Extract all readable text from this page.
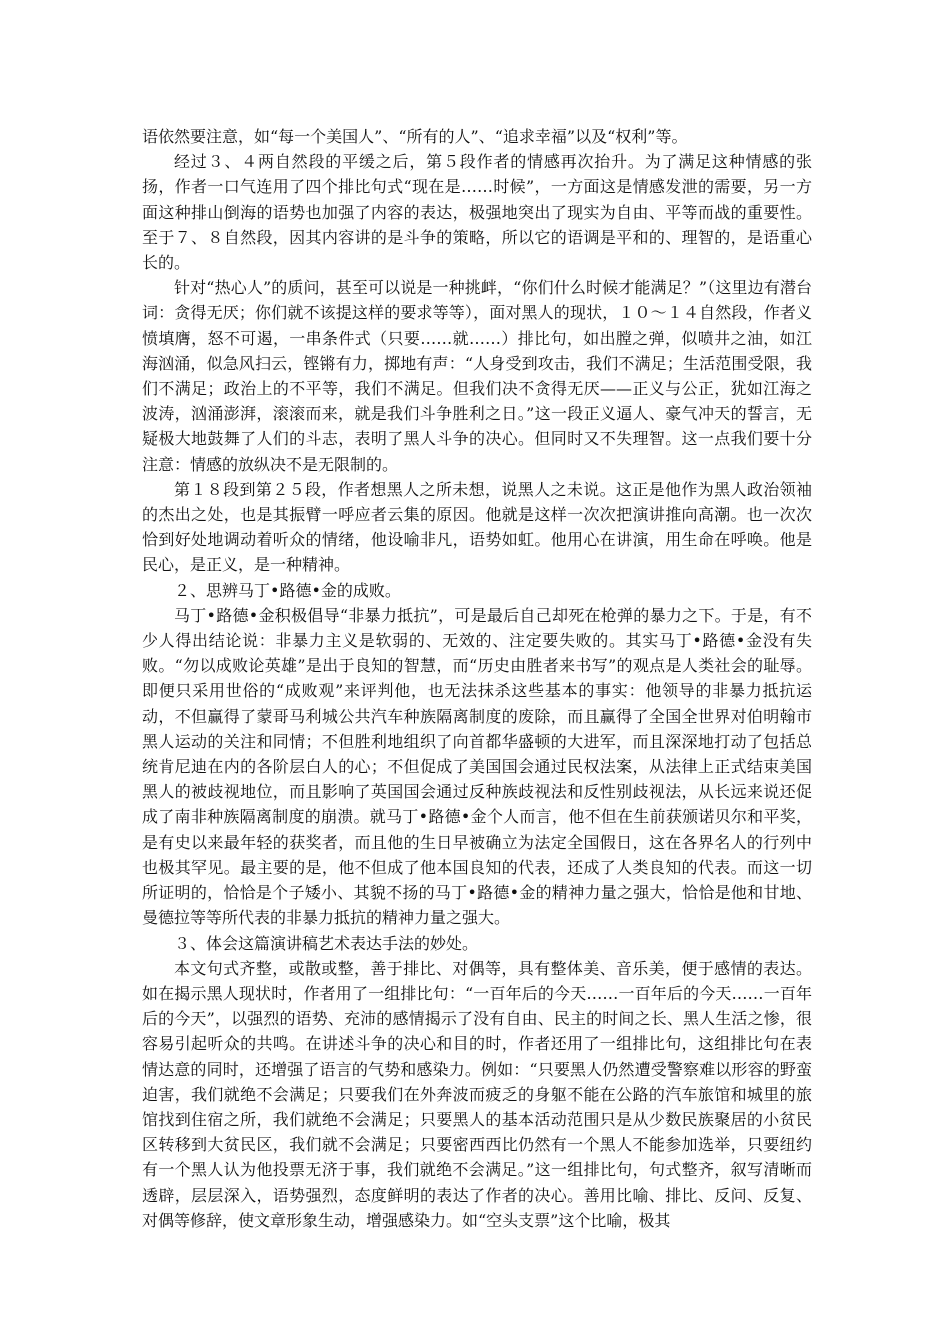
语依然要注意，如“每一个美国人”、“所有的人”、“追求幸福”以及“权利”等。

经过３、４两自然段的平缓之后，第５段作者的情感再次抬升。为了满足这种情感的张扬，作者一口气连用了四个排比句式“现在是……时候”，一方面这是情感发泄的需要，另一方面这种排山倒海的语势也加强了内容的表达，极强地突出了现实为自由、平等而战的重要性。至于７、８自然段，因其内容讲的是斗争的策略，所以它的语调是平和的、理智的，是语重心长的。

针对“热心人”的质问，甚至可以说是一种挑衅，“你们什么时候才能满足？”（这里边有潜台词：贪得无厌；你们就不该提这样的要求等等），面对黑人的现状，１０～１４自然段，作者义愤填膺，怒不可遏，一串条件式（只要……就……）排比句，如出膛之弹，似喷井之油，如江海汹涌，似急风扫云，铿锵有力，掷地有声：“人身受到攻击，我们不满足；生活范围受限，我们不满足；政治上的不平等，我们不满足。但我们决不贪得无厌——正义与公正，犹如江海之波涛，汹涌澎湃，滚滚而来，就是我们斗争胜利之日。”这一段正义逼人、豪气冲天的誓言，无疑极大地鼓舞了人们的斗志，表明了黑人斗争的决心。但同时又不失理智。这一点我们要十分注意：情感的放纵决不是无限制的。

第１８段到第２５段，作者想黑人之所未想，说黑人之未说。这正是他作为黑人政治领袖的杰出之处，也是其振臂一呼应者云集的原因。他就是这样一次次把演讲推向高潮。也一次次恰到好处地调动着听众的情绪，他设喻非凡，语势如虹。他用心在讲演，用生命在呼唤。他是民心，是正义，是一种精神。

２、思辨马丁•路德•金的成败。

马丁•路德•金积极倡导“非暴力抵抗”，可是最后自己却死在枪弹的暴力之下。于是，有不少人得出结论说：非暴力主义是软弱的、无效的、注定要失败的。其实马丁•路德•金没有失败。“勿以成败论英雄”是出于良知的智慧，而“历史由胜者来书写”的观点是人类社会的耻辱。即便只采用世俗的“成败观”来评判他，也无法抹杀这些基本的事实：他领导的非暴力抵抗运动，不但赢得了蒙哥马利城公共汽车种族隔离制度的废除，而且赢得了全国全世界对伯明翰市黑人运动的关注和同情；不但胜利地组织了向首都华盛顿的大进军，而且深深地打动了包括总统肯尼迪在内的各阶层白人的心；不但促成了美国国会通过民权法案，从法律上正式结束美国黑人的被歧视地位，而且影响了英国国会通过反种族歧视法和反性别歧视法，从长远来说还促成了南非种族隔离制度的崩溃。就马丁•路德•金个人而言，他不但在生前获颁诺贝尔和平奖，是有史以来最年轻的获奖者，而且他的生日早被确立为法定全国假日，这在各界名人的行列中也极其罕见。最主要的是，他不但成了他本国良知的代表，还成了人类良知的代表。而这一切所证明的，恰恰是个子矮小、其貌不扬的马丁•路德•金的精神力量之强大，恰恰是他和甘地、曼德拉等等所代表的非暴力抵抗的精神力量之强大。

３、体会这篇演讲稿艺术表达手法的妙处。

本文句式齐整，或散或整，善于排比、对偶等，具有整体美、音乐美，便于感情的表达。如在揭示黑人现状时，作者用了一组排比句：“一百年后的今天……一百年后的今天……一百年后的今天”，以强烈的语势、充沛的感情揭示了没有自由、民主的时间之长、黑人生活之惨，很容易引起听众的共鸣。在讲述斗争的决心和目的时，作者还用了一组排比句，这组排比句在表情达意的同时，还增强了语言的气势和感染力。例如：“只要黑人仍然遭受警察难以形容的野蛮迫害，我们就绝不会满足；只要我们在外奔波而疲乏的身躯不能在公路的汽车旅馆和城里的旅馆找到住宿之所，我们就绝不会满足；只要黑人的基本活动范围只是从少数民族聚居的小贫民区转移到大贫民区，我们就不会满足；只要密西西比仍然有一个黑人不能参加选举，只要纽约有一个黑人认为他投票无济于事，我们就绝不会满足。”这一组排比句，句式整齐，叙写清晰而透辟，层层深入，语势强烈，态度鲜明的表达了作者的决心。善用比喻、排比、反问、反复、对偶等修辞，使文章形象生动，增强感染力。如“空头支票”这个比喻，极其
